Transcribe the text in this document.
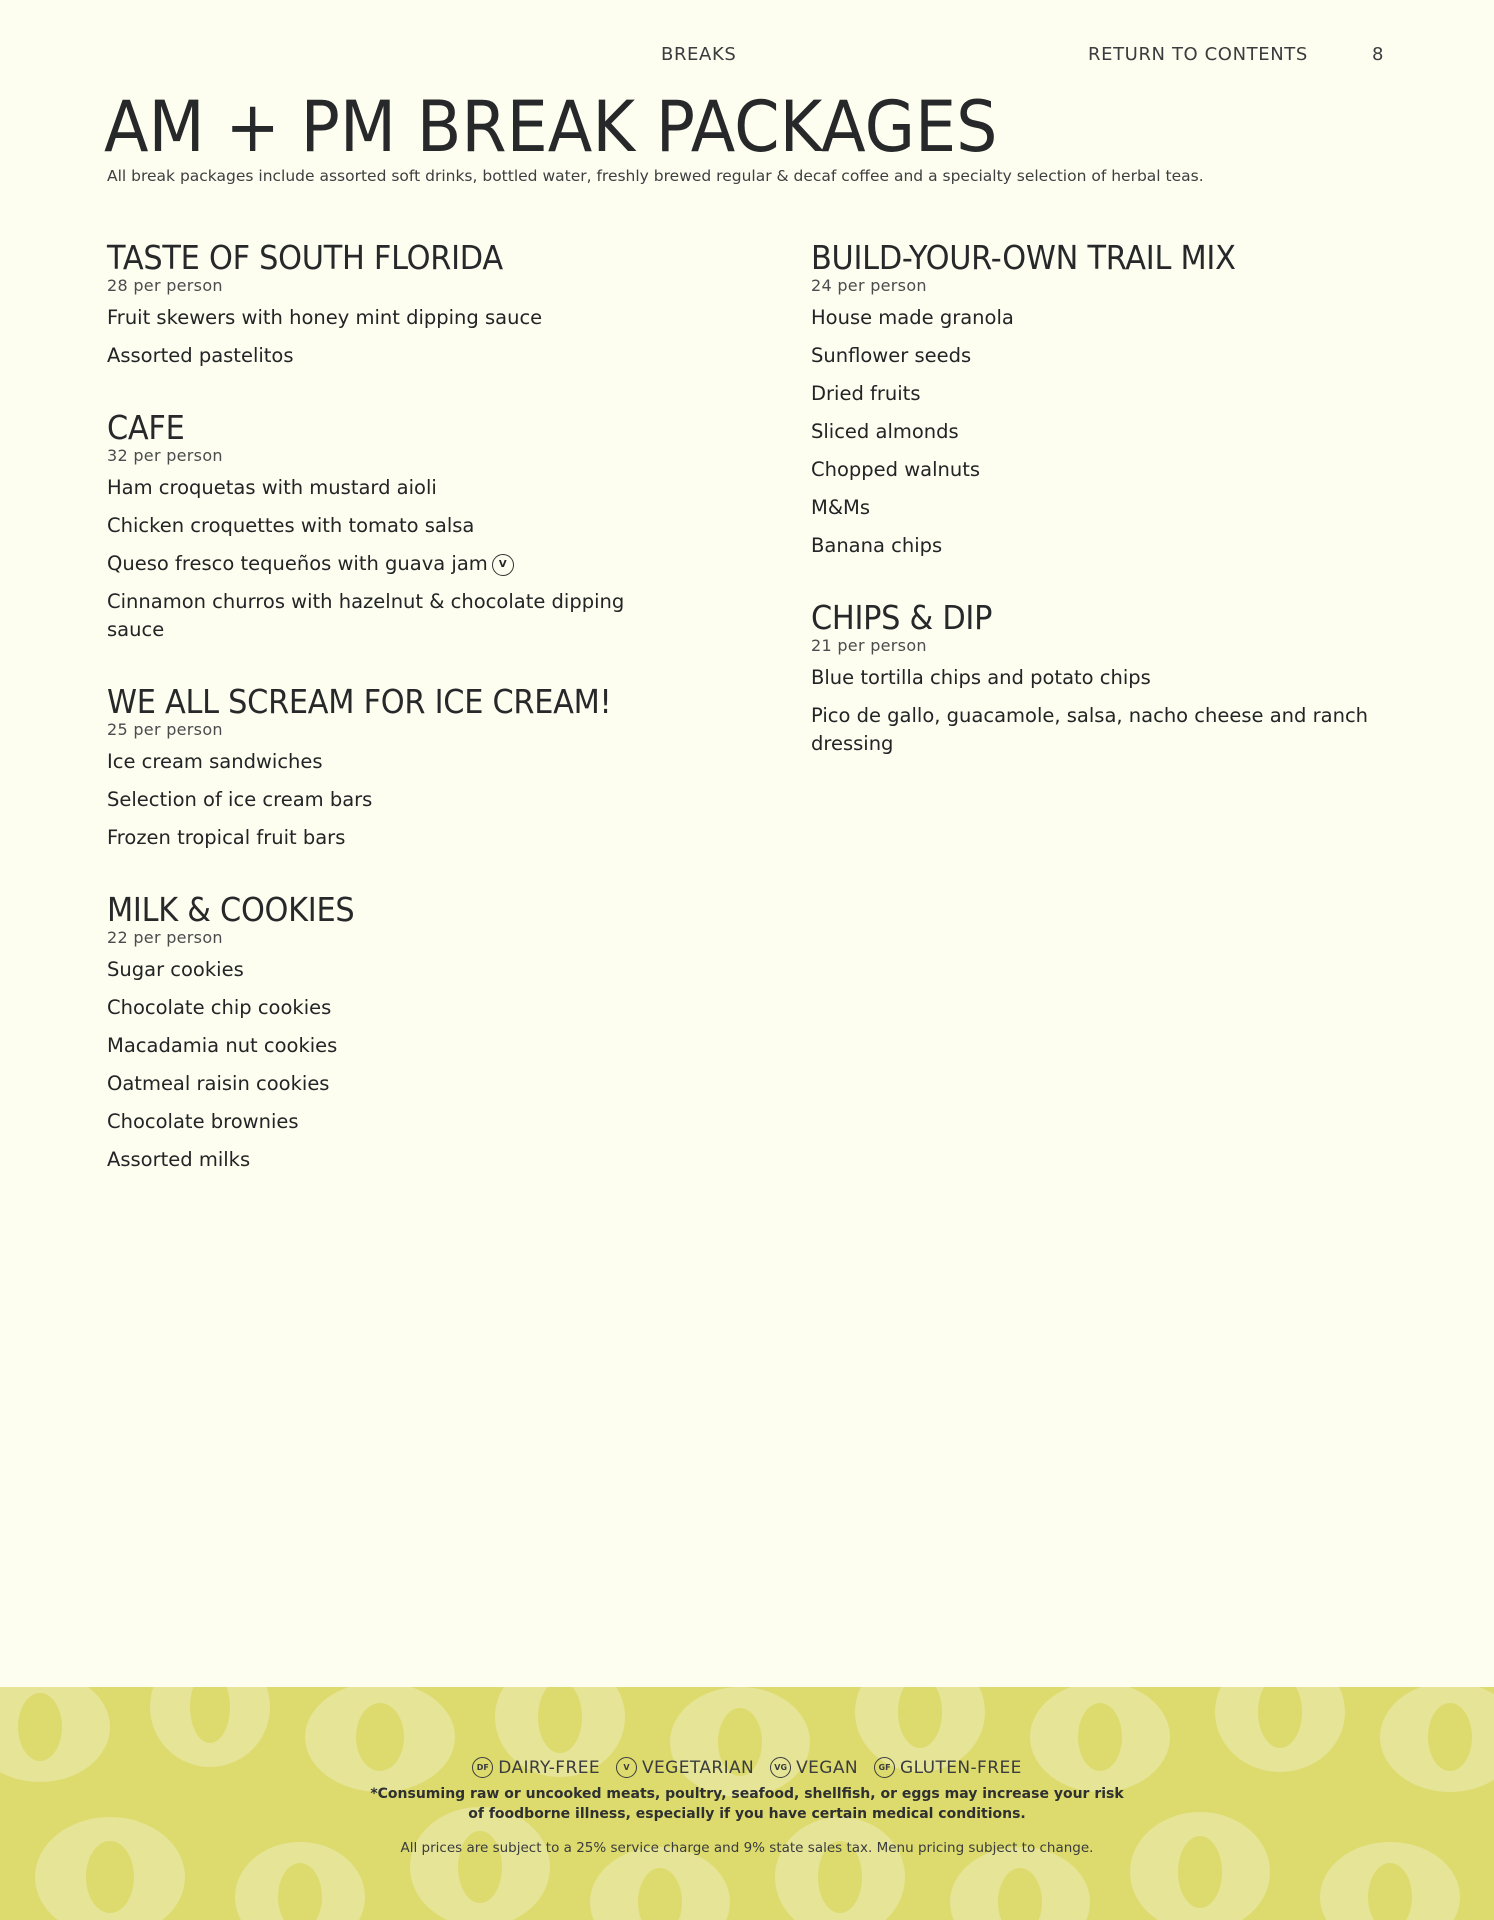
BREAKS	RETURN TO CONTENTS	8
AM + PM BREAK PACKAGES

All break packages include assorted soft drinks, bottled water, freshly brewed regular & decaf coffee and a specialty selection of herbal teas.

TASTE OF SOUTH FLORIDA
28 per person
Fruit skewers with honey mint dipping sauce
Assorted pastelitos
CAFE
32 per person
Ham croquetas with mustard aioli
Chicken croquettes with tomato salsa
Queso fresco tequeños with guava jam V
Cinnamon churros with hazelnut & chocolate dipping sauce
WE ALL SCREAM FOR ICE CREAM!
25 per person
Ice cream sandwiches
Selection of ice cream bars
Frozen tropical fruit bars
MILK & COOKIES
22 per person
Sugar cookies
Chocolate chip cookies
Macadamia nut cookies
Oatmeal raisin cookies
Chocolate brownies
Assorted milks
BUILD-YOUR-OWN TRAIL MIX
24 per person
House made granola
Sunflower seeds
Dried fruits
Sliced almonds
Chopped walnuts
M&Ms
Banana chips
CHIPS & DIP
21 per person
Blue tortilla chips and potato chips
Pico de gallo, guacamole, salsa, nacho cheese and ranch dressing
DF DAIRY-FREE	V VEGETARIAN	VG VEGAN	GF GLUTEN-FREE
*Consuming raw or uncooked meats, poultry, seafood, shellfish, or eggs may increase your risk
of foodborne illness, especially if you have certain medical conditions.
All prices are subject to a 25% service charge and 9% state sales tax. Menu pricing subject to change.
